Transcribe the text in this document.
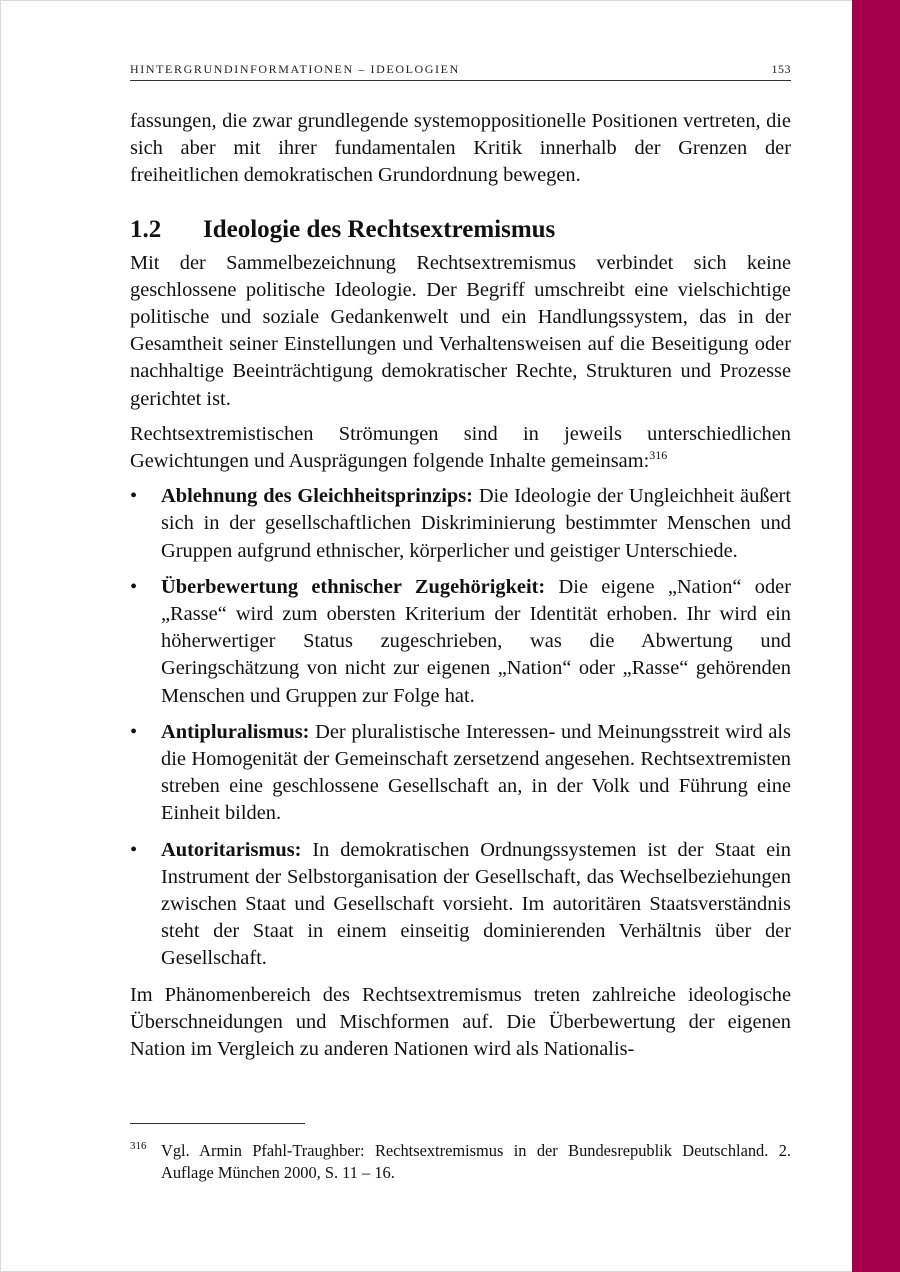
HINTERGRUNDINFORMATIONEN – IDEOLOGIEN	153

fassungen, die zwar grundlegende systemoppositionelle Positionen vertreten, die sich aber mit ihrer fundamentalen Kritik innerhalb der Grenzen der freiheitlichen demokratischen Grundordnung bewegen.

1.2 Ideologie des Rechtsextremismus

Mit der Sammelbezeichnung Rechtsextremismus verbindet sich keine geschlossene politische Ideologie. Der Begriff umschreibt eine vielschichtige politische und soziale Gedankenwelt und ein Handlungssystem, das in der Gesamtheit seiner Einstellungen und Verhaltensweisen auf die Beseitigung oder nachhaltige Beeinträchtigung demokratischer Rechte, Strukturen und Prozesse gerichtet ist.

Rechtsextremistischen Strömungen sind in jeweils unterschiedlichen Gewichtungen und Ausprägungen folgende Inhalte gemeinsam:$^{316}$

•	Ablehnung des Gleichheitsprinzips: Die Ideologie der Ungleichheit äußert sich in der gesellschaftlichen Diskriminierung bestimmter Menschen und Gruppen aufgrund ethnischer, körperlicher und geistiger Unterschiede.
•	Überbewertung ethnischer Zugehörigkeit: Die eigene „Nation“ oder „Rasse“ wird zum obersten Kriterium der Identität erhoben. Ihr wird ein höherwertiger Status zugeschrieben, was die Abwertung und Geringschätzung von nicht zur eigenen „Nation“ oder „Rasse“ gehörenden Menschen und Gruppen zur Folge hat.
•	Antipluralismus: Der pluralistische Interessen- und Meinungsstreit wird als die Homogenität der Gemeinschaft zersetzend angesehen. Rechtsextremisten streben eine geschlossene Gesellschaft an, in der Volk und Führung eine Einheit bilden.
•	Autoritarismus: In demokratischen Ordnungssystemen ist der Staat ein Instrument der Selbstorganisation der Gesellschaft, das Wechselbeziehungen zwischen Staat und Gesellschaft vorsieht. Im autoritären Staatsverständnis steht der Staat in einem einseitig dominierenden Verhältnis über der Gesellschaft.

Im Phänomenbereich des Rechtsextremismus treten zahlreiche ideologische Überschneidungen und Mischformen auf. Die Überbewertung der eigenen Nation im Vergleich zu anderen Nationen wird als Nationalis-

316 Vgl. Armin Pfahl-Traughber: Rechtsextremismus in der Bundesrepublik Deutschland. 2. Auflage München 2000, S. 11 – 16.
